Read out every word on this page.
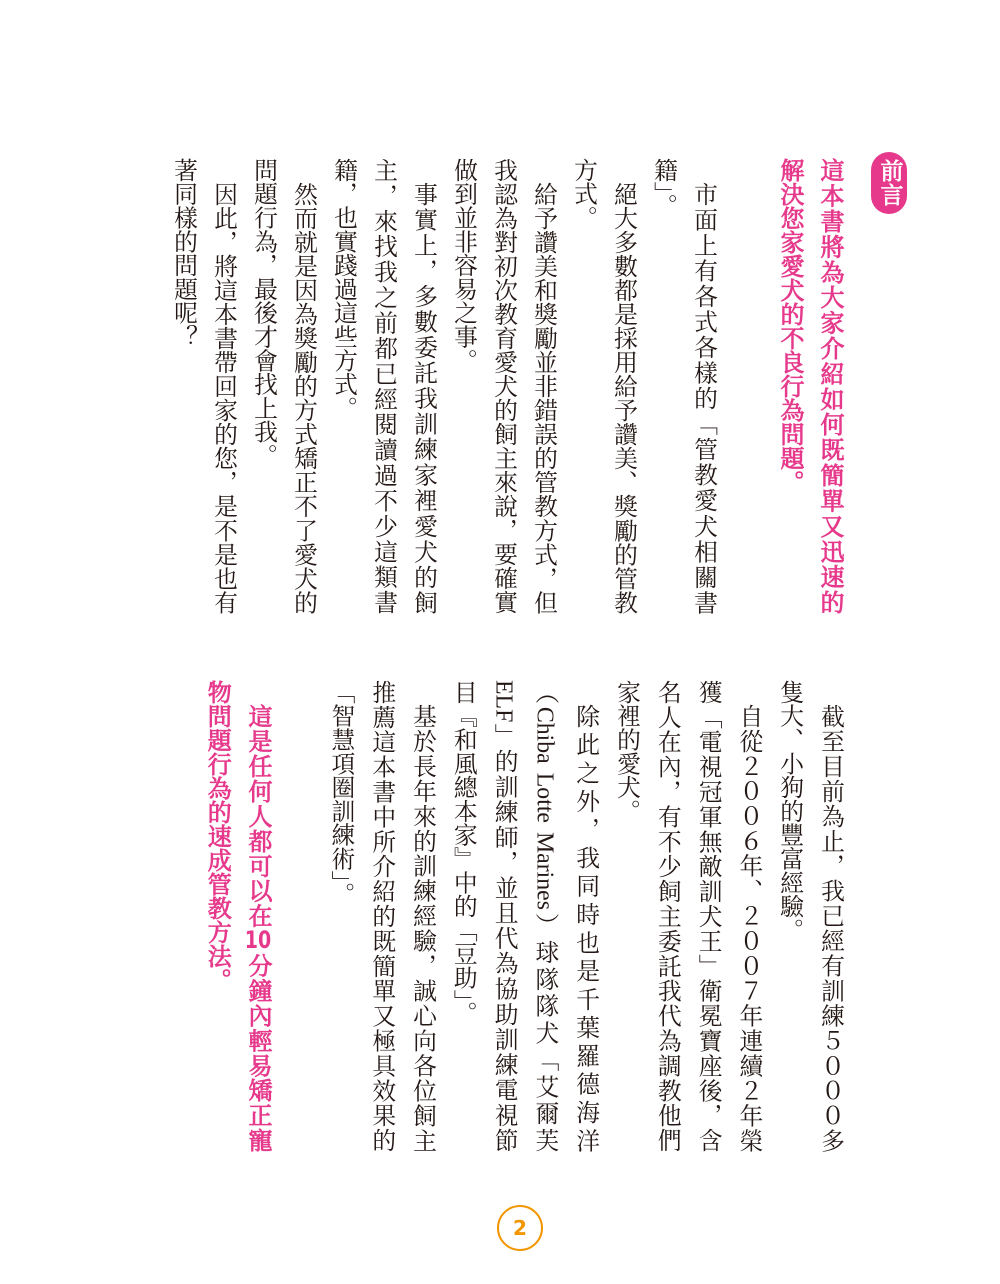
前言
這本書將為大家介紹如何既簡單又迅速的
解決您家愛犬的不良行為問題。
市面上有各式各樣的「管教愛犬相關書
籍」。
絕大多數都是採用給予讚美、獎勵的管教
方式。
給予讚美和獎勵並非錯誤的管教方式，但
我認為對初次教育愛犬的飼主來說，要確實
做到並非容易之事。
事實上，多數委託我訓練家裡愛犬的飼
主，來找我之前都已經閱讀過不少這類書
籍，也實踐過這些方式。
然而就是因為獎勵的方式矯正不了愛犬的
問題行為，最後才會找上我。
因此，將這本書帶回家的您，是不是也有
著同樣的問題呢？
截至目前為止，我已經有訓練５０００多
隻大、小狗的豐富經驗。
自從２００６年、２００７年連續２年榮
獲「電視冠軍無敵訓犬王」衛冕寶座後，含
名人在內，有不少飼主委託我代為調教他們
家裡的愛犬。
除此之外，我同時也是千葉羅德海洋
（Chiba Lotte Marines）球隊隊犬「艾爾芙
ELF」的訓練師，並且代為協助訓練電視節
目『和風總本家』中的「豆助」。
基於長年來的訓練經驗，誠心向各位飼主
推薦這本書中所介紹的既簡單又極具效果的
「智慧項圈訓練術」。
這是任何人都可以在10分鐘內輕易矯正寵
物問題行為的速成管教方法。
2
